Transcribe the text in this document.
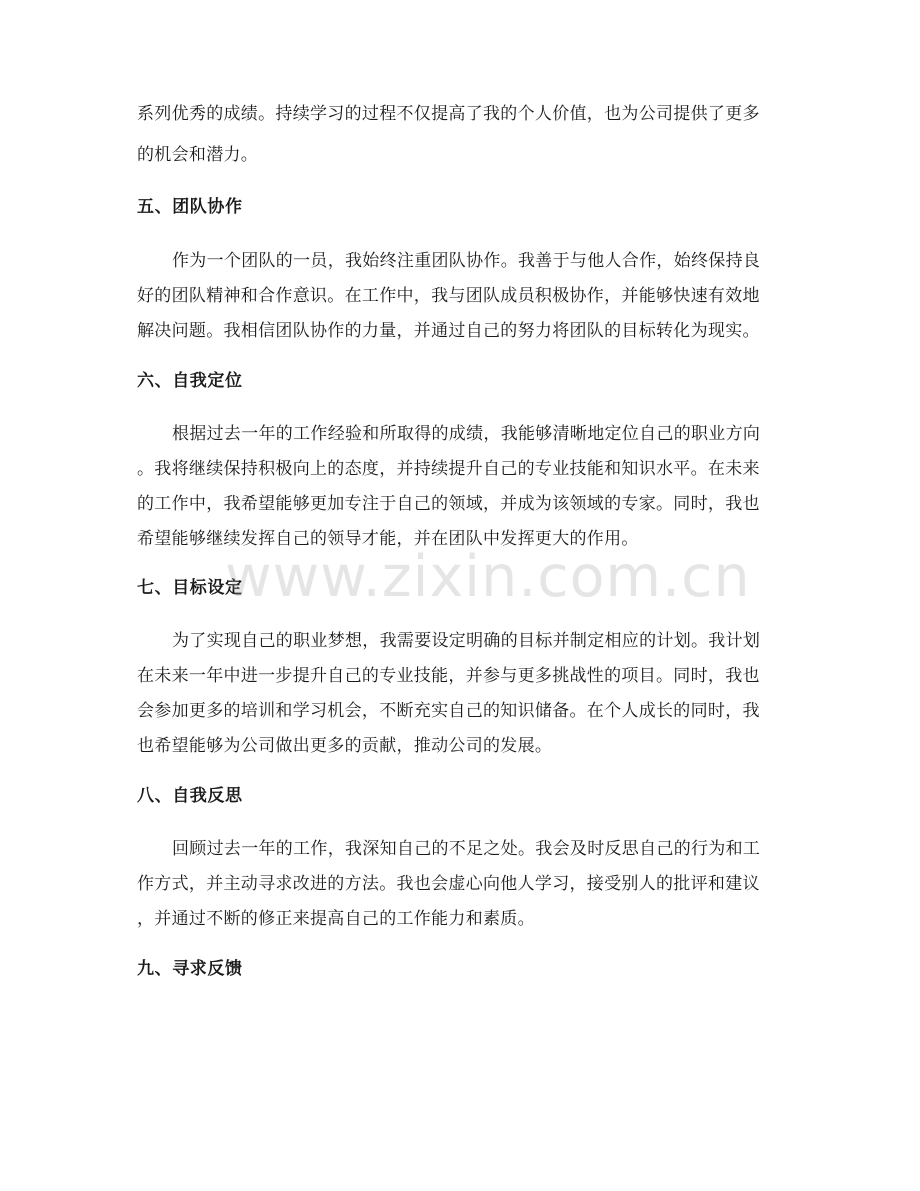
系列优秀的成绩。持续学习的过程不仅提高了我的个人价值，也为公司提供了更多
的机会和潜力。
五、团队协作
作为一个团队的一员，我始终注重团队协作。我善于与他人合作，始终保持良
好的团队精神和合作意识。在工作中，我与团队成员积极协作，并能够快速有效地
解决问题。我相信团队协作的力量，并通过自己的努力将团队的目标转化为现实。
六、自我定位
根据过去一年的工作经验和所取得的成绩，我能够清晰地定位自己的职业方向
。我将继续保持积极向上的态度，并持续提升自己的专业技能和知识水平。在未来
的工作中，我希望能够更加专注于自己的领域，并成为该领域的专家。同时，我也
希望能够继续发挥自己的领导才能，并在团队中发挥更大的作用。
七、目标设定
为了实现自己的职业梦想，我需要设定明确的目标并制定相应的计划。我计划
在未来一年中进一步提升自己的专业技能，并参与更多挑战性的项目。同时，我也
会参加更多的培训和学习机会，不断充实自己的知识储备。在个人成长的同时，我
也希望能够为公司做出更多的贡献，推动公司的发展。
八、自我反思
回顾过去一年的工作，我深知自己的不足之处。我会及时反思自己的行为和工
作方式，并主动寻求改进的方法。我也会虚心向他人学习，接受别人的批评和建议
，并通过不断的修正来提高自己的工作能力和素质。
九、寻求反馈
www.zixin.com.cn
